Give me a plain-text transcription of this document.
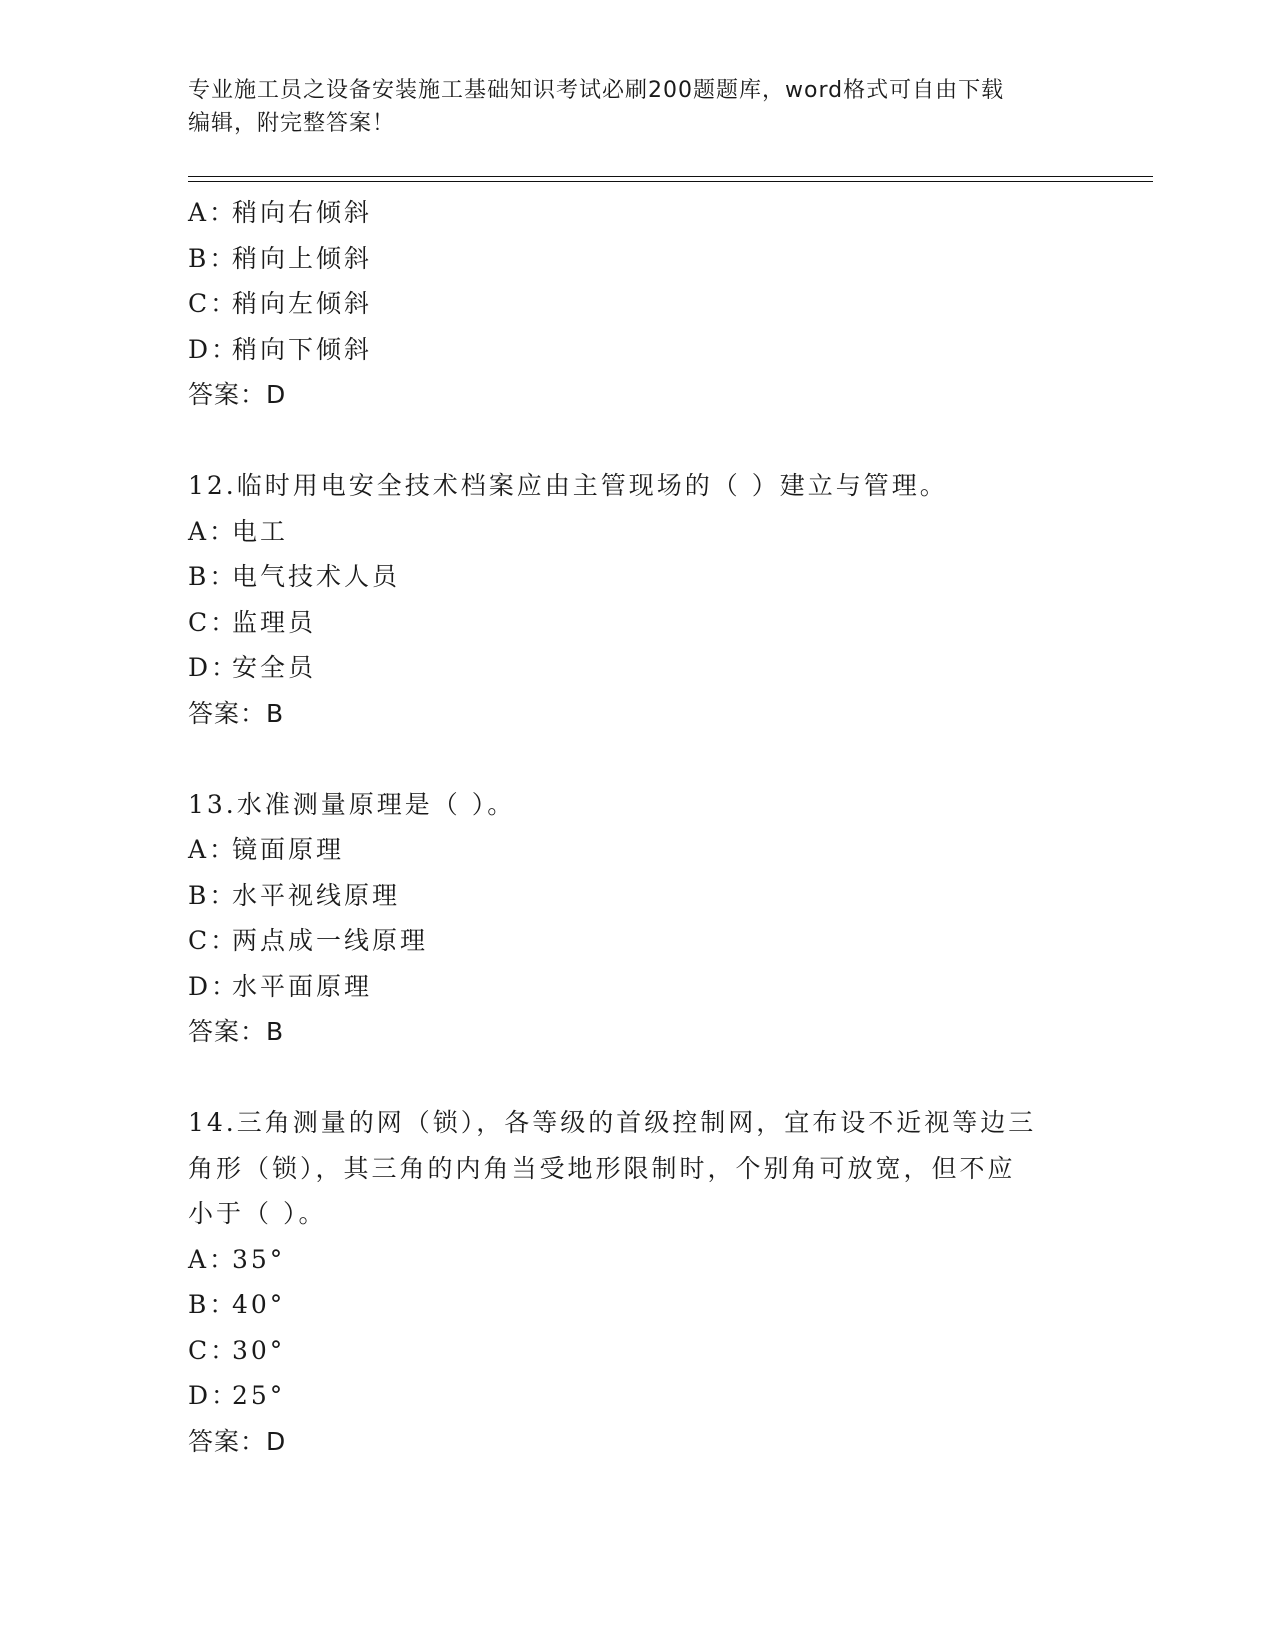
专业施工员之设备安装施工基础知识考试必刷200题题库，word格式可自由下载
编辑，附完整答案！
A：稍向右倾斜
B：稍向上倾斜
C：稍向左倾斜
D：稍向下倾斜
答案：D
12.临时用电安全技术档案应由主管现场的（ ）建立与管理。
A：电工
B：电气技术人员
C：监理员
D：安全员
答案：B
13.水准测量原理是（ ）。
A：镜面原理
B：水平视线原理
C：两点成一线原理
D：水平面原理
答案：B
14.三角测量的网（锁），各等级的首级控制网，宜布设不近视等边三
角形（锁），其三角的内角当受地形限制时，个别角可放宽，但不应
小于（ ）。
A：35°
B：40°
C：30°
D：25°
答案：D
